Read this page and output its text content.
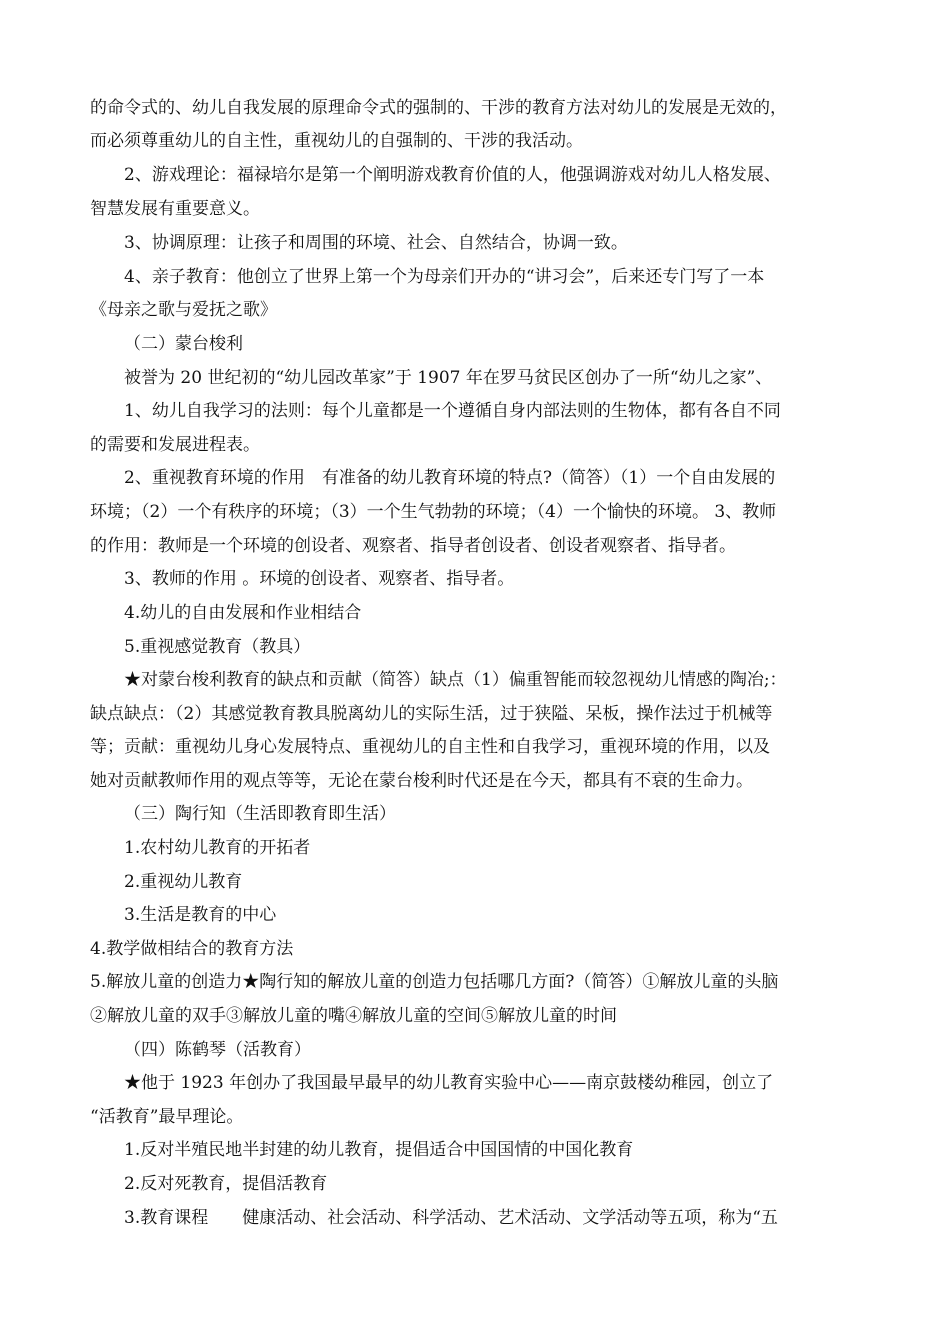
的命令式的、幼儿自我发展的原理命令式的强制的、干涉的教育方法对幼儿的发展是无效的，
而必须尊重幼儿的自主性，重视幼儿的自强制的、干涉的我活动。
2、游戏理论：福禄培尔是第一个阐明游戏教育价值的人，他强调游戏对幼儿人格发展、
智慧发展有重要意义。
3、协调原理：让孩子和周围的环境、社会、自然结合，协调一致。
4、亲子教育：他创立了世界上第一个为母亲们开办的“讲习会”，后来还专门写了一本
《母亲之歌与爱抚之歌》
（二）蒙台梭利
被誉为 20 世纪初的“幼儿园改革家”于 1907 年在罗马贫民区创办了一所“幼儿之家”、
1、幼儿自我学习的法则：每个儿童都是一个遵循自身内部法则的生物体，都有各自不同
的需要和发展进程表。
2、重视教育环境的作用　有准备的幼儿教育环境的特点?（简答）（1）一个自由发展的
环境；（2）一个有秩序的环境；（3）一个生气勃勃的环境；（4）一个愉快的环境。 3、教师
的作用：教师是一个环境的创设者、观察者、指导者创设者、创设者观察者、指导者。
3、教师的作用 。环境的创设者、观察者、指导者。
4.幼儿的自由发展和作业相结合
5.重视感觉教育（教具）
★对蒙台梭利教育的缺点和贡献（简答）缺点（1）偏重智能而较忽视幼儿情感的陶冶;：
缺点缺点：（2）其感觉教育教具脱离幼儿的实际生活，过于狭隘、呆板，操作法过于机械等
等；贡献：重视幼儿身心发展特点、重视幼儿的自主性和自我学习，重视环境的作用，以及
她对贡献教师作用的观点等等，无论在蒙台梭利时代还是在今天，都具有不衰的生命力。
（三）陶行知（生活即教育即生活）
1.农村幼儿教育的开拓者
2.重视幼儿教育
3.生活是教育的中心
4.教学做相结合的教育方法
5.解放儿童的创造力★陶行知的解放儿童的创造力包括哪几方面?（简答）①解放儿童的头脑
②解放儿童的双手③解放儿童的嘴④解放儿童的空间⑤解放儿童的时间
（四）陈鹤琴（活教育）
★他于 1923 年创办了我国最早最早的幼儿教育实验中心——南京鼓楼幼稚园，创立了
“活教育”最早理论。
1.反对半殖民地半封建的幼儿教育，提倡适合中国国情的中国化教育
2.反对死教育，提倡活教育
3.教育课程　　健康活动、社会活动、科学活动、艺术活动、文学活动等五项，称为“五
